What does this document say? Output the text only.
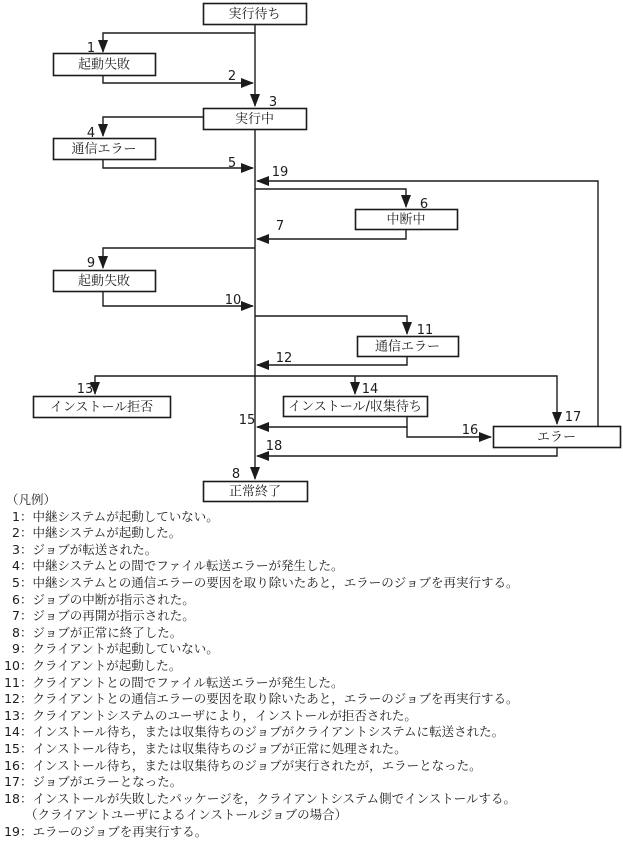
実行待ち
起動失敗
実行中
通信エラー
中断中
起動失敗
通信エラー
インストール拒否	インストール/収集待ち
エラー
正常終了
1
2
3
4
5
19
6
7
9
10
11
12
13	14
15
16
17
18
8
（凡例）
1 ： 中継システムが起動していない。
2 ： 中継システムが起動した。
3 ： ジョブが転送された。
4 ： 中継システムとの間でファイル転送エラーが発生した。
5 ： 中継システムとの通信エラーの要因を取り除いたあと，エラーのジョブを再実行する。
6 ： ジョブの中断が指示された。
7 ： ジョブの再開が指示された。
8 ： ジョブが正常に終了した。
9 ： クライアントが起動していない。
10 ： クライアントが起動した。
11 ： クライアントとの間でファイル転送エラーが発生した。
12 ： クライアントとの通信エラーの要因を取り除いたあと，エラーのジョブを再実行する。
13 ： クライアントシステムのユーザにより，インストールが拒否された。
14 ： インストール待ち，または収集待ちのジョブがクライアントシステムに転送された。
15 ： インストール待ち，または収集待ちのジョブが正常に処理された。
16 ： インストール待ち，または収集待ちのジョブが実行されたが，エラーとなった。
17 ： ジョブがエラーとなった。
18 ： インストールが失敗したパッケージを，クライアントシステム側でインストールする。
（クライアントユーザによるインストールジョブの場合）
19 ： エラーのジョブを再実行する。
